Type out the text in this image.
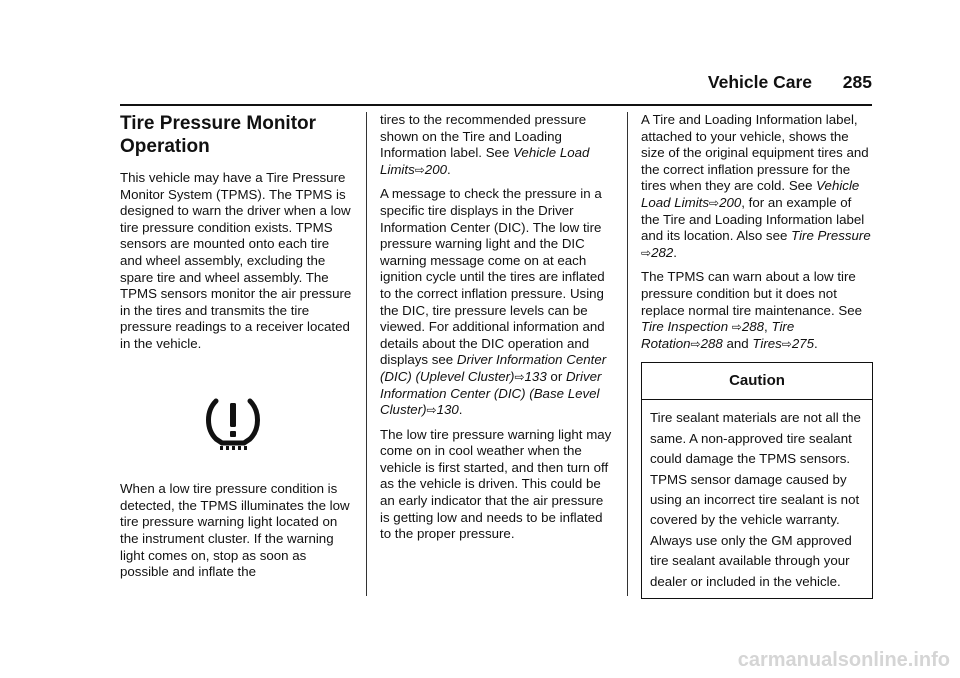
Vehicle Care 285
Tire Pressure Monitor
Operation

This vehicle may have a Tire Pressure Monitor System (TPMS). The TPMS is designed to warn the driver when a low tire pressure condition exists. TPMS sensors are mounted onto each tire and wheel assembly, excluding the spare tire and wheel assembly. The TPMS sensors monitor the air pressure in the tires and transmits the tire pressure readings to a receiver located in the vehicle.

When a low tire pressure condition is detected, the TPMS illuminates the low tire pressure warning light located on the instrument cluster. If the warning light comes on, stop as soon as possible and inflate the

tires to the recommended pressure shown on the Tire and Loading Information label. See Vehicle Load Limits⇨200.

A message to check the pressure in a specific tire displays in the Driver Information Center (DIC). The low tire pressure warning light and the DIC warning message come on at each ignition cycle until the tires are inflated to the correct inflation pressure. Using the DIC, tire pressure levels can be viewed. For additional information and details about the DIC operation and displays see Driver Information Center (DIC) (Uplevel Cluster)⇨133 or Driver Information Center (DIC) (Base Level Cluster)⇨130.

The low tire pressure warning light may come on in cool weather when the vehicle is first started, and then turn off as the vehicle is driven. This could be an early indicator that the air pressure is getting low and needs to be inflated to the proper pressure.

A Tire and Loading Information label, attached to your vehicle, shows the size of the original equipment tires and the correct inflation pressure for the tires when they are cold. See Vehicle Load Limits⇨200, for an example of the Tire and Loading Information label and its location. Also see Tire Pressure ⇨282.

The TPMS can warn about a low tire pressure condition but it does not replace normal tire maintenance. See Tire Inspection ⇨288, Tire Rotation⇨288 and Tires⇨275.

Caution
Tire sealant materials are not all the same. A non-approved tire sealant could damage the TPMS sensors. TPMS sensor damage caused by using an incorrect tire sealant is not covered by the vehicle warranty. Always use only the GM approved tire sealant available through your dealer or included in the vehicle.
carmanualsonline.info
